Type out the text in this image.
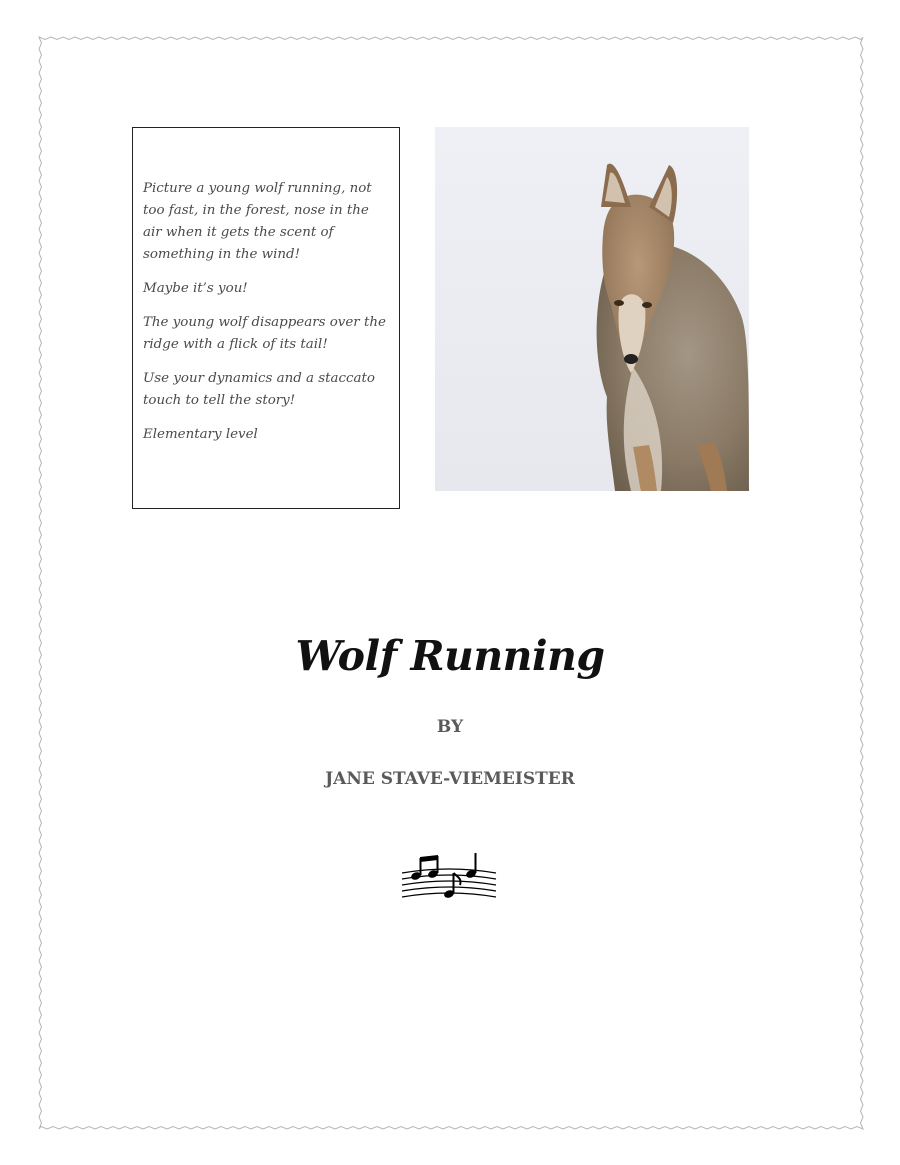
Picture a young wolf running, not too fast, in the forest, nose in the air when it gets the scent of something in the wind!

Maybe it’s you!

The young wolf disappears over the ridge with a flick of its tail!

Use your dynamics and a staccato touch to tell the story!

Elementary level

Wolf Running
BY
JANE STAVE-VIEMEISTER
